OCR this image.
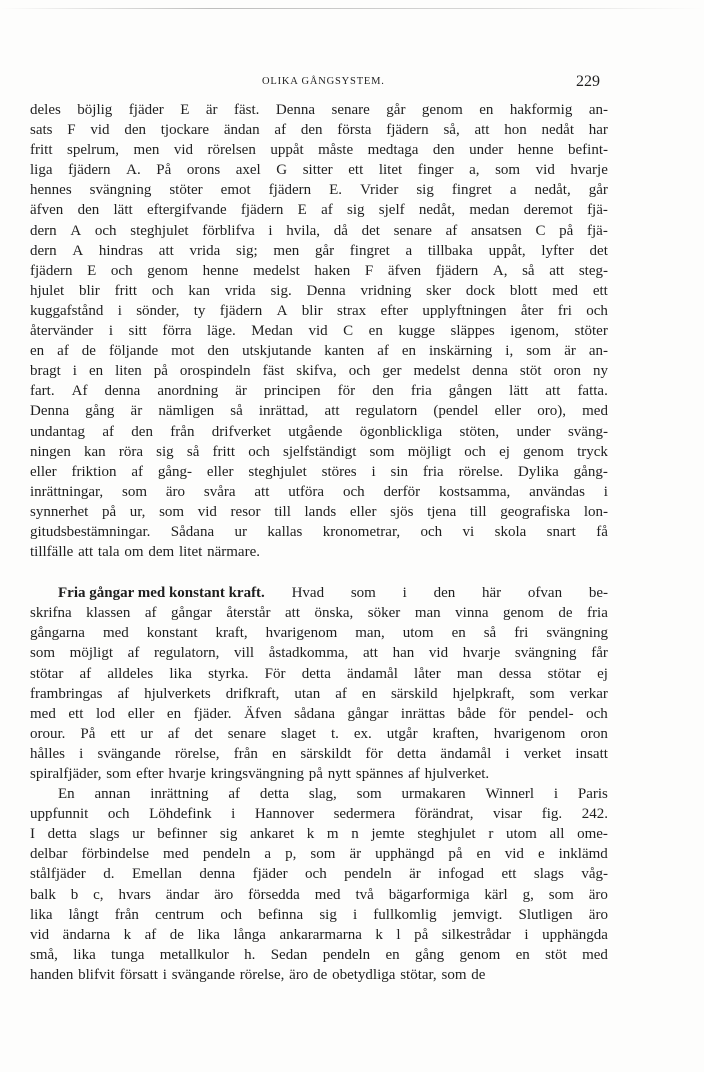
OLIKA GÅNGSYSTEM.	229
deles böjlig fjäder E är fäst. Denna senare går genom en hakformig an-
sats F vid den tjockare ändan af den första fjädern så, att hon nedåt har
fritt spelrum, men vid rörelsen uppåt måste medtaga den under henne befint-
liga fjädern A. På orons axel G sitter ett litet finger a, som vid hvarje
hennes svängning stöter emot fjädern E. Vrider sig fingret a nedåt, går
äfven den lätt eftergifvande fjädern E af sig sjelf nedåt, medan deremot fjä-
dern A och steghjulet förblifva i hvila, då det senare af ansatsen C på fjä-
dern A hindras att vrida sig; men går fingret a tillbaka uppåt, lyfter det
fjädern E och genom henne medelst haken F äfven fjädern A, så att steg-
hjulet blir fritt och kan vrida sig. Denna vridning sker dock blott med ett
kuggafstånd i sönder, ty fjädern A blir strax efter upplyftningen åter fri och
återvänder i sitt förra läge. Medan vid C en kugge släppes igenom, stöter
en af de följande mot den utskjutande kanten af en inskärning i, som är an-
bragt i en liten på orospindeln fäst skifva, och ger medelst denna stöt oron ny
fart. Af denna anordning är principen för den fria gången lätt att fatta.
Denna gång är nämligen så inrättad, att regulatorn (pendel eller oro), med
undantag af den från drifverket utgående ögonblickliga stöten, under sväng-
ningen kan röra sig så fritt och sjelfständigt som möjligt och ej genom tryck
eller friktion af gång- eller steghjulet störes i sin fria rörelse. Dylika gång-
inrättningar, som äro svåra att utföra och derför kostsamma, användas i
synnerhet på ur, som vid resor till lands eller sjös tjena till geografiska lon-
gitudsbestämningar. Sådana ur kallas kronometrar, och vi skola snart få
tillfälle att tala om dem litet närmare.
Fria gångar med konstant kraft. Hvad som i den här ofvan be-
skrifna klassen af gångar återstår att önska, söker man vinna genom de fria
gångarna med konstant kraft, hvarigenom man, utom en så fri svängning
som möjligt af regulatorn, vill åstadkomma, att han vid hvarje svängning får
stötar af alldeles lika styrka. För detta ändamål låter man dessa stötar ej
frambringas af hjulverkets drifkraft, utan af en särskild hjelpkraft, som verkar
med ett lod eller en fjäder. Äfven sådana gångar inrättas både för pendel- och
orour. På ett ur af det senare slaget t. ex. utgår kraften, hvarigenom oron
hålles i svängande rörelse, från en särskildt för detta ändamål i verket insatt
spiralfjäder, som efter hvarje kringsvängning på nytt spännes af hjulverket.
En annan inrättning af detta slag, som urmakaren Winnerl i Paris
uppfunnit och Löhdefink i Hannover sedermera förändrat, visar fig. 242.
I detta slags ur befinner sig ankaret k m n jemte steghjulet r utom all ome-
delbar förbindelse med pendeln a p, som är upphängd på en vid e inklämd
stålfjäder d. Emellan denna fjäder och pendeln är infogad ett slags våg-
balk b c, hvars ändar äro försedda med två bägarformiga kärl g, som äro
lika långt från centrum och befinna sig i fullkomlig jemvigt. Slutligen äro
vid ändarna k af de lika långa ankararmarna k l på silkestrådar i upphängda
små, lika tunga metallkulor h. Sedan pendeln en gång genom en stöt med
handen blifvit försatt i svängande rörelse, äro de obetydliga stötar, som de
